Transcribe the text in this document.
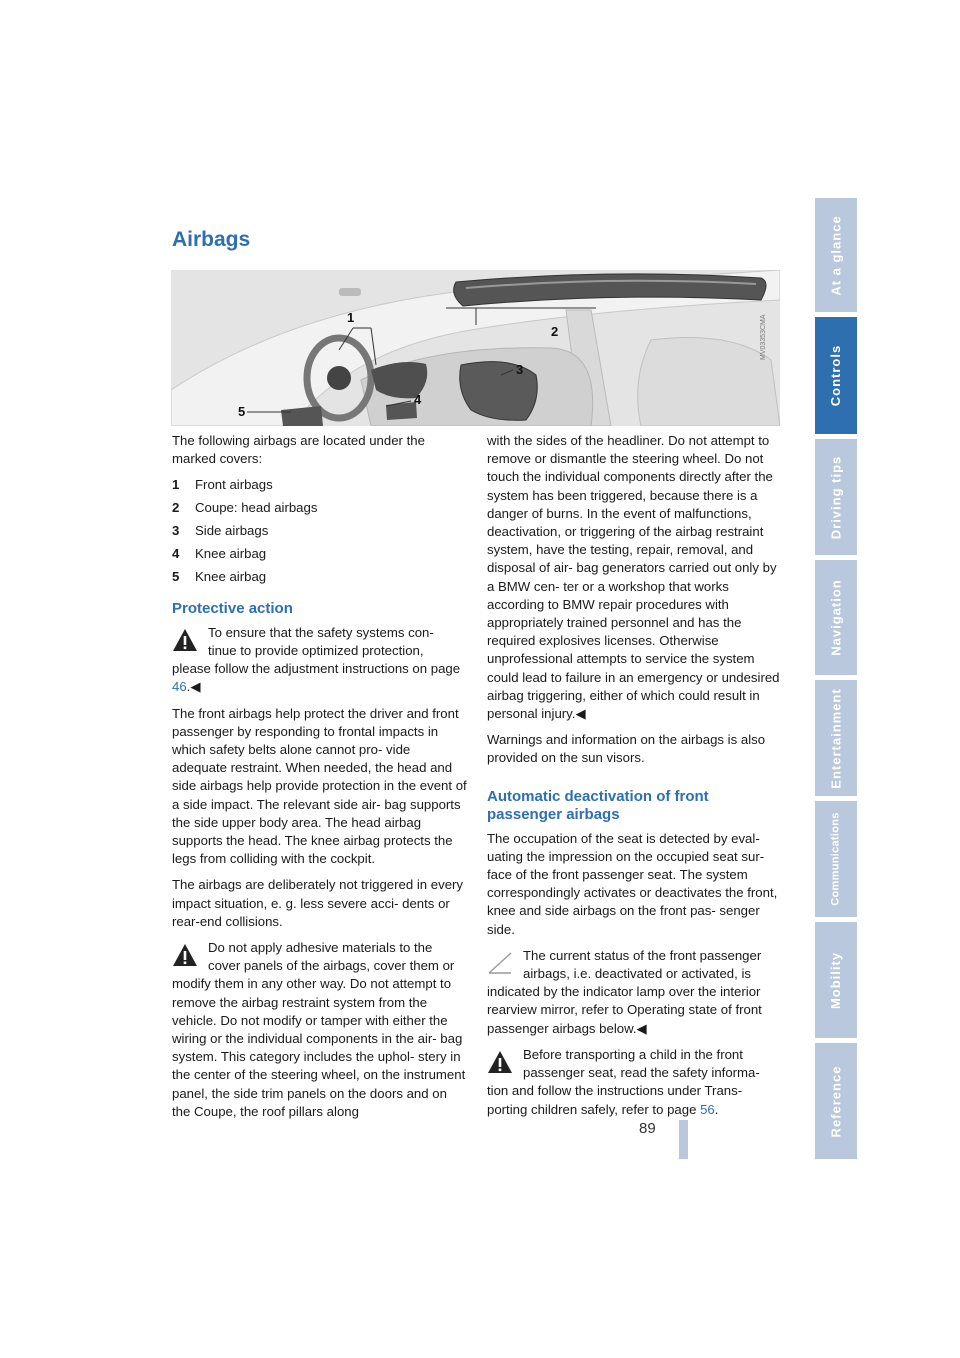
At a glance
Controls
Driving tips
Navigation
Entertainment
Communications
Mobility
Reference
Airbags
1
2
3
4
5
MV03353CMA

The following airbags are located under the marked covers:

1	Front airbags
2	Coupe: head airbags
3	Side airbags
4	Knee airbag
5	Knee airbag
Protective action
To ensure that the safety systems con-
tinue to provide optimized protection,
please follow the adjustment instructions on page 46.◀

The front airbags help protect the driver and front passenger by responding to frontal impacts in which safety belts alone cannot pro- vide adequate restraint. When needed, the head and side airbags help provide protection in the event of a side impact. The relevant side air- bag supports the side upper body area. The head airbag supports the head. The knee airbag protects the legs from colliding with the cockpit.

The airbags are deliberately not triggered in every impact situation, e. g. less severe acci- dents or rear-end collisions.

Do not apply adhesive materials to the
cover panels of the airbags, cover them or
modify them in any other way. Do not attempt to remove the airbag restraint system from the vehicle. Do not modify or tamper with either the wiring or the individual components in the air- bag system. This category includes the uphol- stery in the center of the steering wheel, on the instrument panel, the side trim panels on the doors and on the Coupe, the roof pillars along

with the sides of the headliner. Do not attempt to remove or dismantle the steering wheel. Do not touch the individual components directly after the system has been triggered, because there is a danger of burns. In the event of malfunctions, deactivation, or triggering of the airbag restraint system, have the testing, repair, removal, and disposal of air- bag generators carried out only by a BMW cen- ter or a workshop that works according to BMW repair procedures with appropriately trained personnel and has the required explosives licenses. Otherwise unprofessional attempts to service the system could lead to failure in an emergency or undesired airbag triggering, either of which could result in personal injury.◀

Warnings and information on the airbags is also provided on the sun visors.

Automatic deactivation of front passenger airbags

The occupation of the seat is detected by eval- uating the impression on the occupied seat sur- face of the front passenger seat. The system correspondingly activates or deactivates the front, knee and side airbags on the front pas- senger side.

The current status of the front passenger
airbags, i.e. deactivated or activated, is
indicated by the indicator lamp over the interior rearview mirror, refer to Operating state of front passenger airbags below.◀
Before transporting a child in the front
passenger seat, read the safety informa-
tion and follow the instructions under Trans- porting children safely, refer to page 56.
89
